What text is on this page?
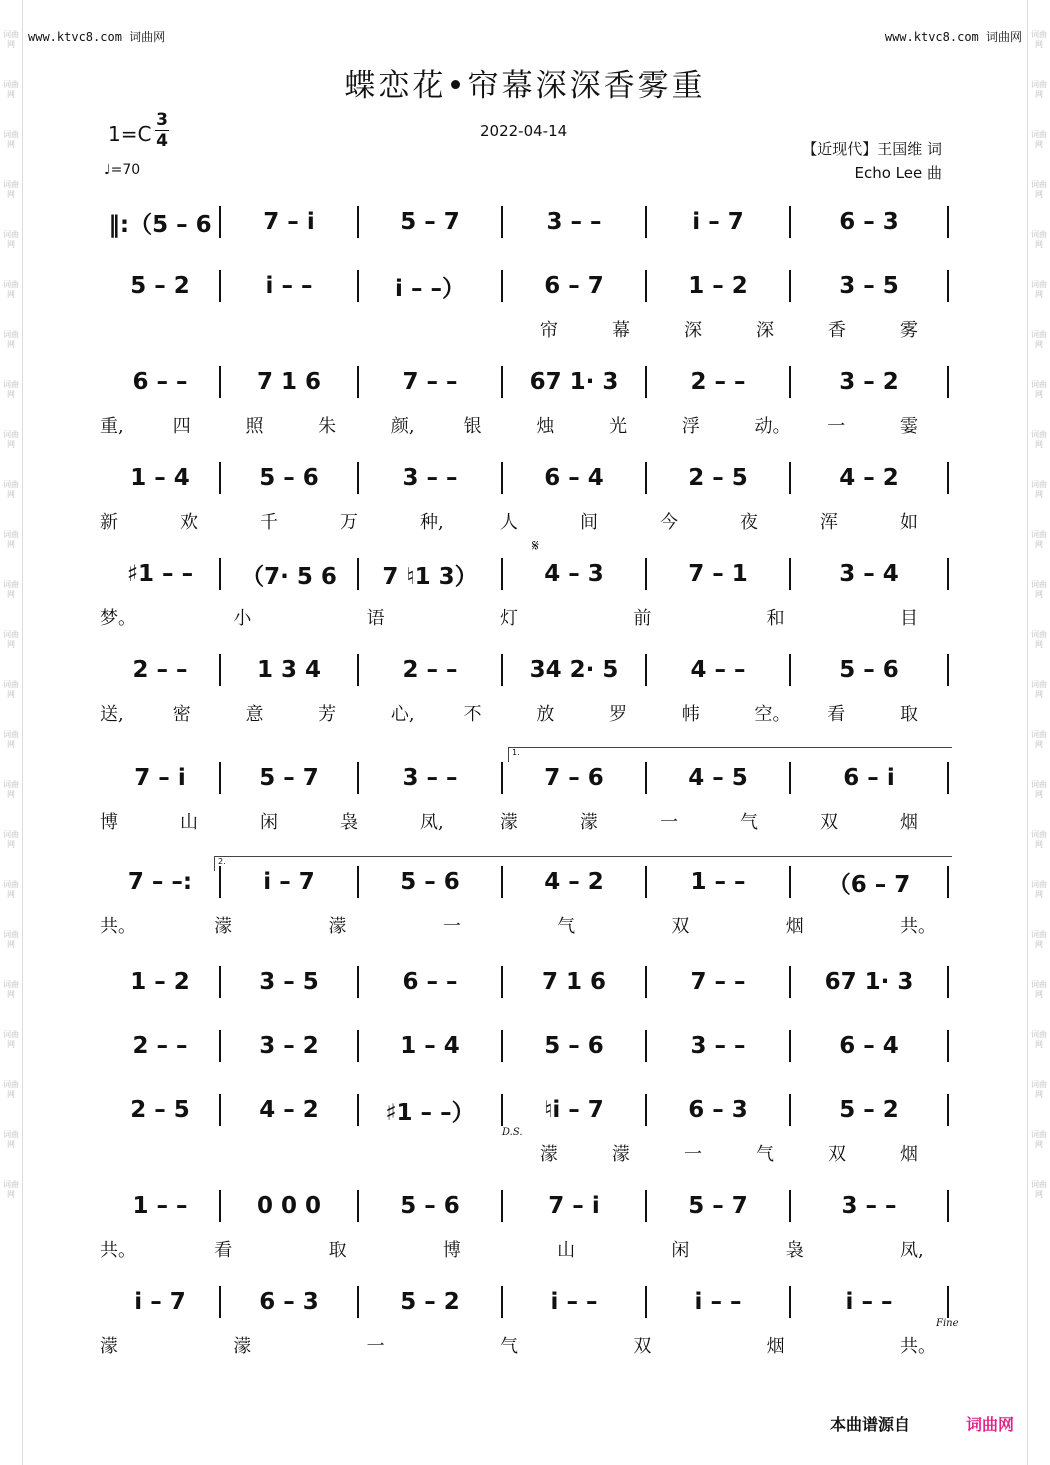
词曲网
词曲网
词曲网
词曲网
词曲网
词曲网
词曲网
词曲网
词曲网
词曲网
词曲网
词曲网
词曲网
词曲网
词曲网
词曲网
词曲网
词曲网
词曲网
词曲网
词曲网
词曲网
词曲网
词曲网
词曲网
词曲网
词曲网
词曲网
词曲网
词曲网
词曲网
词曲网
词曲网
词曲网
词曲网
词曲网
词曲网
词曲网
词曲网
词曲网
词曲网
词曲网
词曲网
词曲网
词曲网
词曲网
词曲网
词曲网
www.ktvc8.com 词曲网	www.ktvc8.com 词曲网
蝶恋花•帘幕深深香雾重
1=C
3
4
♩=70
2022-04-14
【近现代】王国维 词
Echo Lee 曲
‖:（5 – 6	7 – i	5 – 7	3 – –	i – 7	6 – 3
5 – 2	i – –	i – –）	6 – 7	1 – 2	3 – 5
帘	幕	深	深	香	雾
6 – –	7 1 6	7 – –	67 1· 3	2 – –	3 – 2
重,	四	照	朱	颜,	银	烛	光	浮	动。 一	霎
1 – 4	5 – 6	3 – –	6 – 4	2 – 5	4 – 2
新	欢	千	万	种,	人	间	今	夜	浑	如
♯1 – –	（7· 5 6	7 ♮1 3）	4 – 3	7 – 1	3 – 4
梦。	小	语	灯	前	和	目
2 – –	1 3 4	2 – –	34 2· 5	4 – –	5 – 6
送,	密	意	芳	心,	不	放	罗	帏	空。 看	取
7 – i	5 – 7	3 – –	7 – 6	4 – 5	6 – i
博	山	闲	袅	凤,	濛	濛	一	气	双	烟
7 – –:	i – 7	5 – 6	4 – 2	1 – –	（6 – 7
共。	濛	濛	一	气	双	烟	共。
1 – 2	3 – 5	6 – –	7 1 6	7 – –	67 1· 3
2 – –	3 – 2	1 – 4	5 – 6	3 – –	6 – 4
2 – 5	4 – 2	♯1 – –）	♮i – 7	6 – 3	5 – 2
濛	濛	一	气	双	烟
1 – –	0 0 0	5 – 6	7 – i	5 – 7	3 – –
共。	看	取	博	山	闲	袅	凤,
i – 7	6 – 3	5 – 2	i – –	i – –	i – –
濛	濛	一	气	双	烟	共。
1.
2.
𝄋
D.S.
Fine
本曲谱源自	词曲网
